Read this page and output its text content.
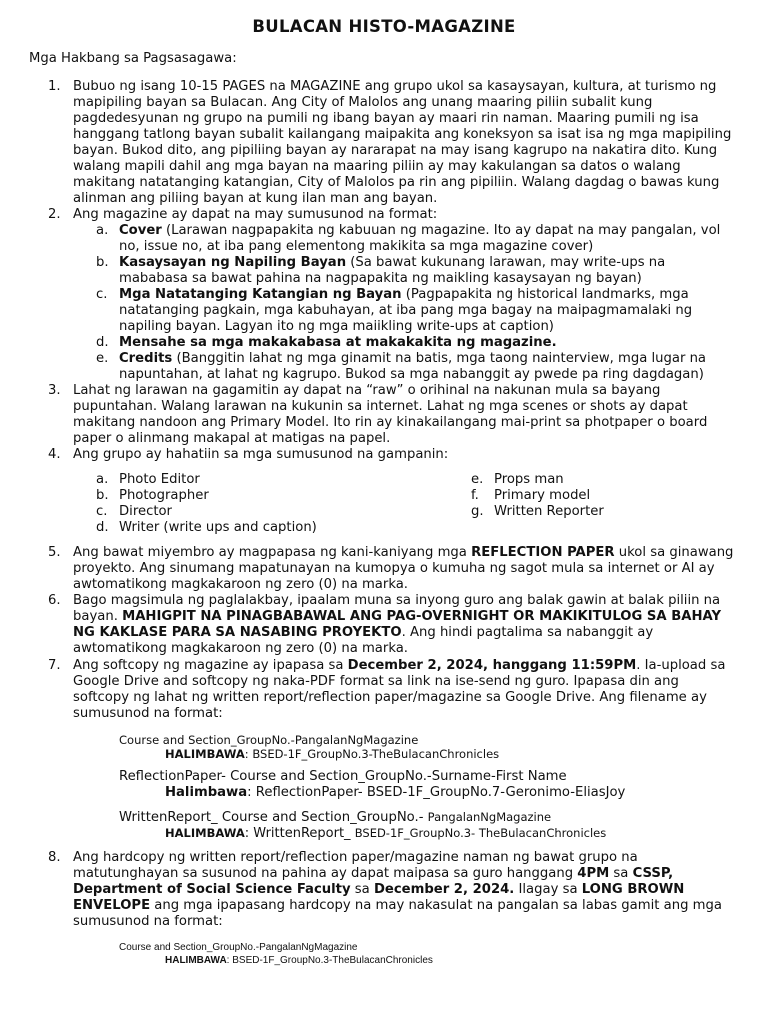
BULACAN HISTO-MAGAZINE
Mga Hakbang sa Pagsasagawa:
1. Bubuo ng isang 10-15 PAGES na MAGAZINE ang grupo ukol sa kasaysayan, kultura, at turismo ng mapipiling bayan sa Bulacan. Ang City of Malolos ang unang maaring piliin subalit kung pagdedesyunan ng grupo na pumili ng ibang bayan ay maari rin naman. Maaring pumili ng isa hanggang tatlong bayan subalit kailangang maipakita ang koneksyon sa isat isa ng mga mapipiling bayan. Bukod dito, ang pipiliing bayan ay nararapat na may isang kagrupo na nakatira dito. Kung walang mapili dahil ang mga bayan na maaring piliin ay may kakulangan sa datos o walang makitang natatanging katangian, City of Malolos pa rin ang pipiliin. Walang dagdag o bawas kung alinman ang piliing bayan at kung ilan man ang bayan.
2. Ang magazine ay dapat na may sumusunod na format:
a. Cover (Larawan nagpapakita ng kabuuan ng magazine. Ito ay dapat na may pangalan, vol no, issue no, at iba pang elementong makikita sa mga magazine cover)
b. Kasaysayan ng Napiling Bayan (Sa bawat kukunang larawan, may write-ups na mababasa sa bawat pahina na nagpapakita ng maikling kasaysayan ng bayan)
c. Mga Natatanging Katangian ng Bayan (Pagpapakita ng historical landmarks, mga natatanging pagkain, mga kabuhayan, at iba pang mga bagay na maipagmamalaki ng napiling bayan. Lagyan ito ng mga maiikling write-ups at caption)
d. Mensahe sa mga makakabasa at makakakita ng magazine.
e. Credits (Banggitin lahat ng mga ginamit na batis, mga taong nainterview, mga lugar na napuntahan, at lahat ng kagrupo. Bukod sa mga nabanggit ay pwede pa ring dagdagan)
3. Lahat ng larawan na gagamitin ay dapat na “raw” o orihinal na nakunan mula sa bayang pupuntahan. Walang larawan na kukunin sa internet. Lahat ng mga scenes or shots ay dapat makitang nandoon ang Primary Model. Ito rin ay kinakailangang mai-print sa photpaper o board paper o alinmang makapal at matigas na papel.
4. Ang grupo ay hahatiin sa mga sumusunod na gampanin:
a. Photo Editor
b. Photographer
c. Director
d. Writer (write ups and caption)
e. Props man
f. Primary model
g. Written Reporter
5. Ang bawat miyembro ay magpapasa ng kani-kaniyang mga REFLECTION PAPER ukol sa ginawang proyekto. Ang sinumang mapatunayan na kumopya o kumuha ng sagot mula sa internet or AI ay awtomatikong magkakaroon ng zero (0) na marka.
6. Bago magsimula ng paglalakbay, ipaalam muna sa inyong guro ang balak gawin at balak piliin na bayan. MAHIGPIT NA PINAGBABAWAL ANG PAG-OVERNIGHT OR MAKIKITULOG SA BAHAY NG KAKLASE PARA SA NASABING PROYEKTO. Ang hindi pagtalima sa nabanggit ay awtomatikong magkakaroon ng zero (0) na marka.
7. Ang softcopy ng magazine ay ipapasa sa December 2, 2024, hanggang 11:59PM. Ia-upload sa Google Drive and softcopy ng naka-PDF format sa link na ise-send ng guro. Ipapasa din ang softcopy ng lahat ng written report/reflection paper/magazine sa Google Drive. Ang filename ay sumusunod na format:
Course and Section_GroupNo.-PangalanNgMagazine
HALIMBAWA: BSED-1F_GroupNo.3-TheBulacanChronicles
ReflectionPaper- Course and Section_GroupNo.-Surname-First Name
Halimbawa: ReflectionPaper- BSED-1F_GroupNo.7-Geronimo-EliasJoy
WrittenReport_ Course and Section_GroupNo.- PangalanNgMagazine
HALIMBAWA: WrittenReport_ BSED-1F_GroupNo.3- TheBulacanChronicles
8. Ang hardcopy ng written report/reflection paper/magazine naman ng bawat grupo na matutunghayan sa susunod na pahina ay dapat maipasa sa guro hanggang 4PM sa CSSP, Department of Social Science Faculty sa December 2, 2024. Ilagay sa LONG BROWN ENVELOPE ang mga ipapasang hardcopy na may nakasulat na pangalan sa labas gamit ang mga sumusunod na format:
Course and Section_GroupNo.-PangalanNgMagazine
HALIMBAWA: BSED-1F_GroupNo.3-TheBulacanChronicles
